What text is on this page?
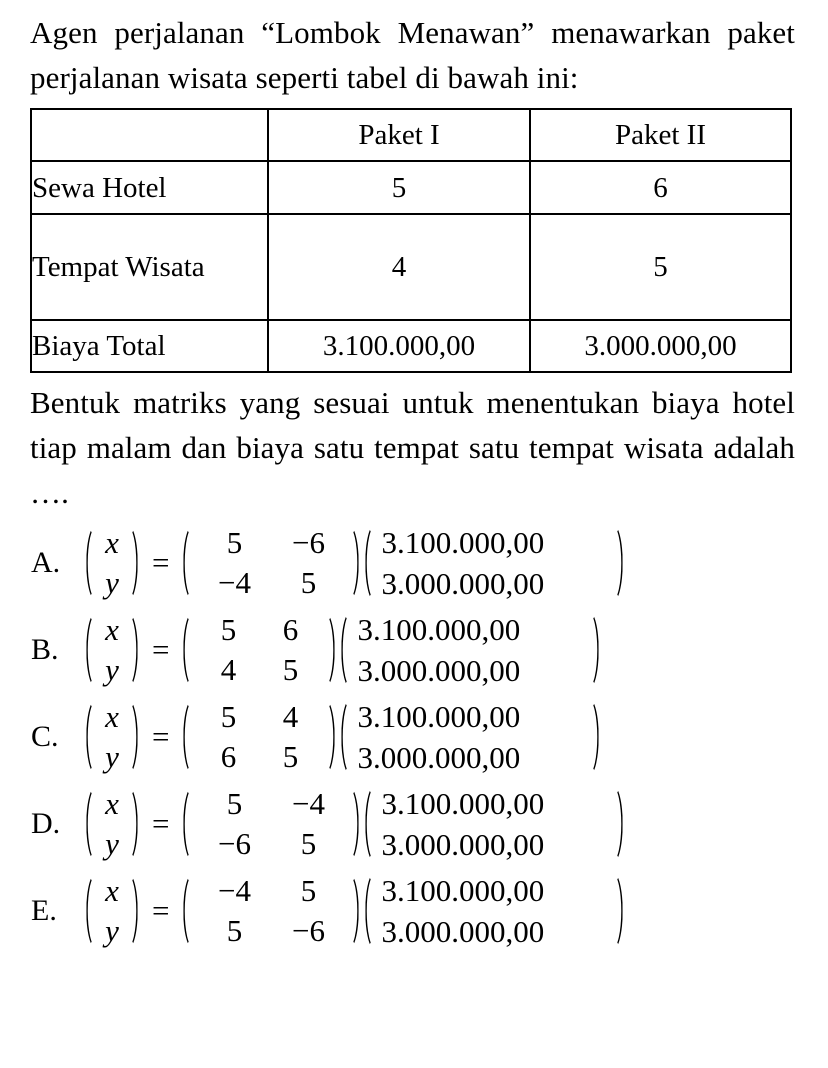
Agen perjalanan “Lombok Menawan” menawarkan paket perjalanan wisata seperti tabel di bawah ini:

	Paket I	Paket II
Sewa Hotel	5	6
Tempat Wisata	4	5
Biaya Total	3.100.000,00	3.000.000,00

Bentuk matriks yang sesuai untuk menentukan biaya hotel tiap malam dan biaya satu tempat satu tempat wisata adalah ….

A.
x
y
=
5	−6
−4	5
3.100.000,00
3.000.000,00
B.
x
y
=
5	6
4	5
3.100.000,00
3.000.000,00
C.
x
y
=
5	4
6	5
3.100.000,00
3.000.000,00
D.
x
y
=
5	−4
−6	5
3.100.000,00
3.000.000,00
E.
x
y
=
−4	5
5	−6
3.100.000,00
3.000.000,00
